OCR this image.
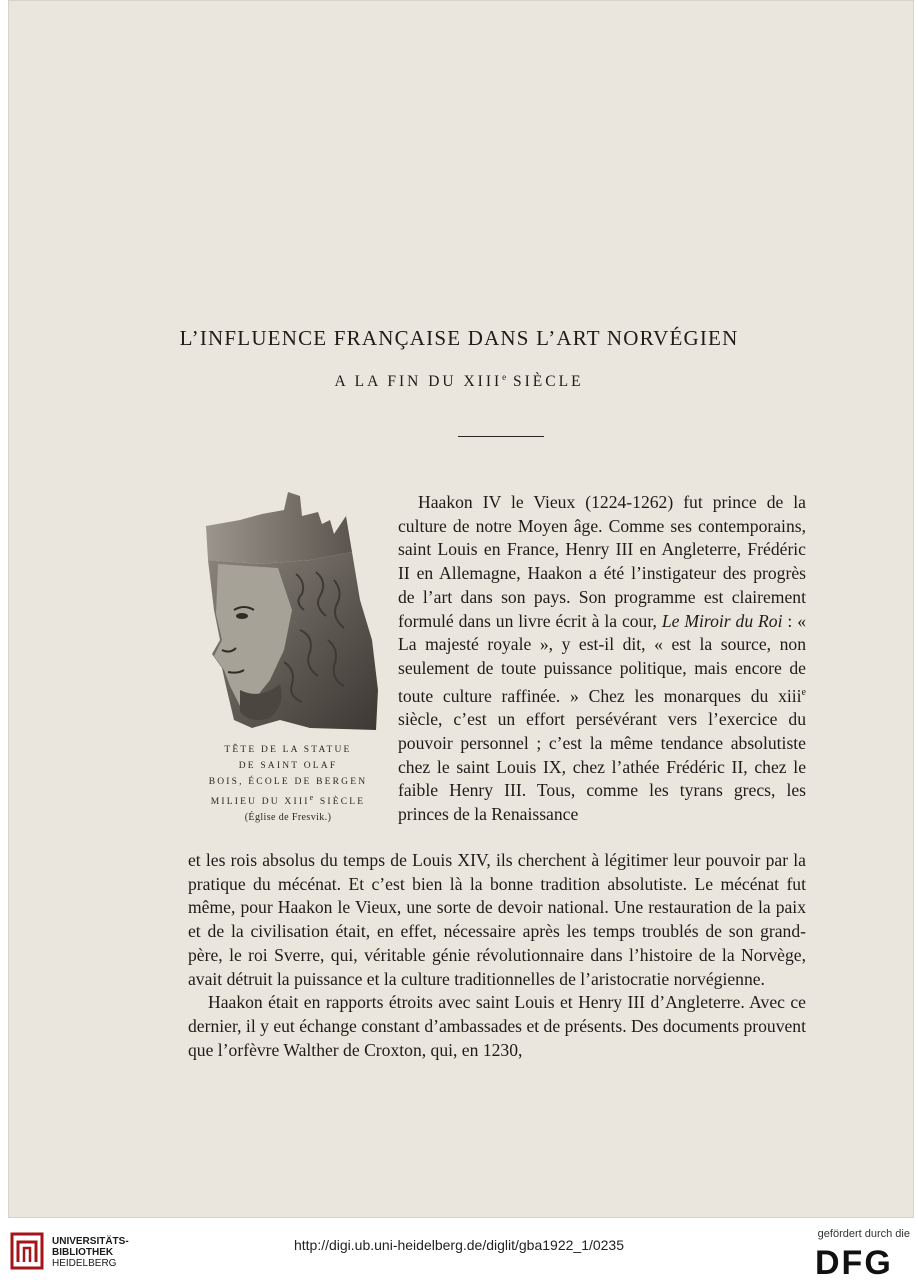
L’INFLUENCE FRANÇAISE DANS L’ART NORVÉGIEN
A LA FIN DU XIIIe SIÈCLE
TÊTE DE LA STATUE
DE SAINT OLAF
BOIS, ÉCOLE DE BERGEN
MILIEU DU XIIIe SIÈCLE
(Église de Fresvik.)

Haakon IV le Vieux (1224-1262) fut prince de la culture de notre Moyen âge. Comme ses contemporains, saint Louis en France, Henry III en Angleterre, Frédéric II en Allemagne, Haakon a été l’instigateur des progrès de l’art dans son pays. Son programme est clairement formulé dans un livre écrit à la cour, Le Miroir du Roi : « La majesté royale », y est-il dit, « est la source, non seulement de toute puissance politique, mais encore de toute culture raffinée. » Chez les monarques du xiii$^e$ siècle, c’est un effort persévérant vers l’exercice du pouvoir personnel ; c’est la même tendance absolutiste chez le saint Louis IX, chez l’athée Frédéric II, chez le faible Henry III. Tous, comme les tyrans grecs, les princes de la Renaissance

et les rois absolus du temps de Louis XIV, ils cherchent à légitimer leur pouvoir par la pratique du mécénat. Et c’est bien là la bonne tradition absolutiste. Le mécénat fut même, pour Haakon le Vieux, une sorte de devoir national. Une restauration de la paix et de la civilisation était, en effet, nécessaire après les temps troublés de son grand-père, le roi Sverre, qui, véritable génie révolutionnaire dans l’histoire de la Norvège, avait détruit la puissance et la culture traditionnelles de l’aristocratie norvégienne.
Haakon était en rapports étroits avec saint Louis et Henry III d’Angleterre. Avec ce dernier, il y eut échange constant d’ambassades et de présents. Des documents prouvent que l’orfèvre Walther de Croxton, qui, en 1230,

UNIVERSITÄTS-
BIBLIOTHEK
HEIDELBERG
http://digi.ub.uni-heidelberg.de/diglit/gba1922_1/0235
gefördert durch die
DFG
